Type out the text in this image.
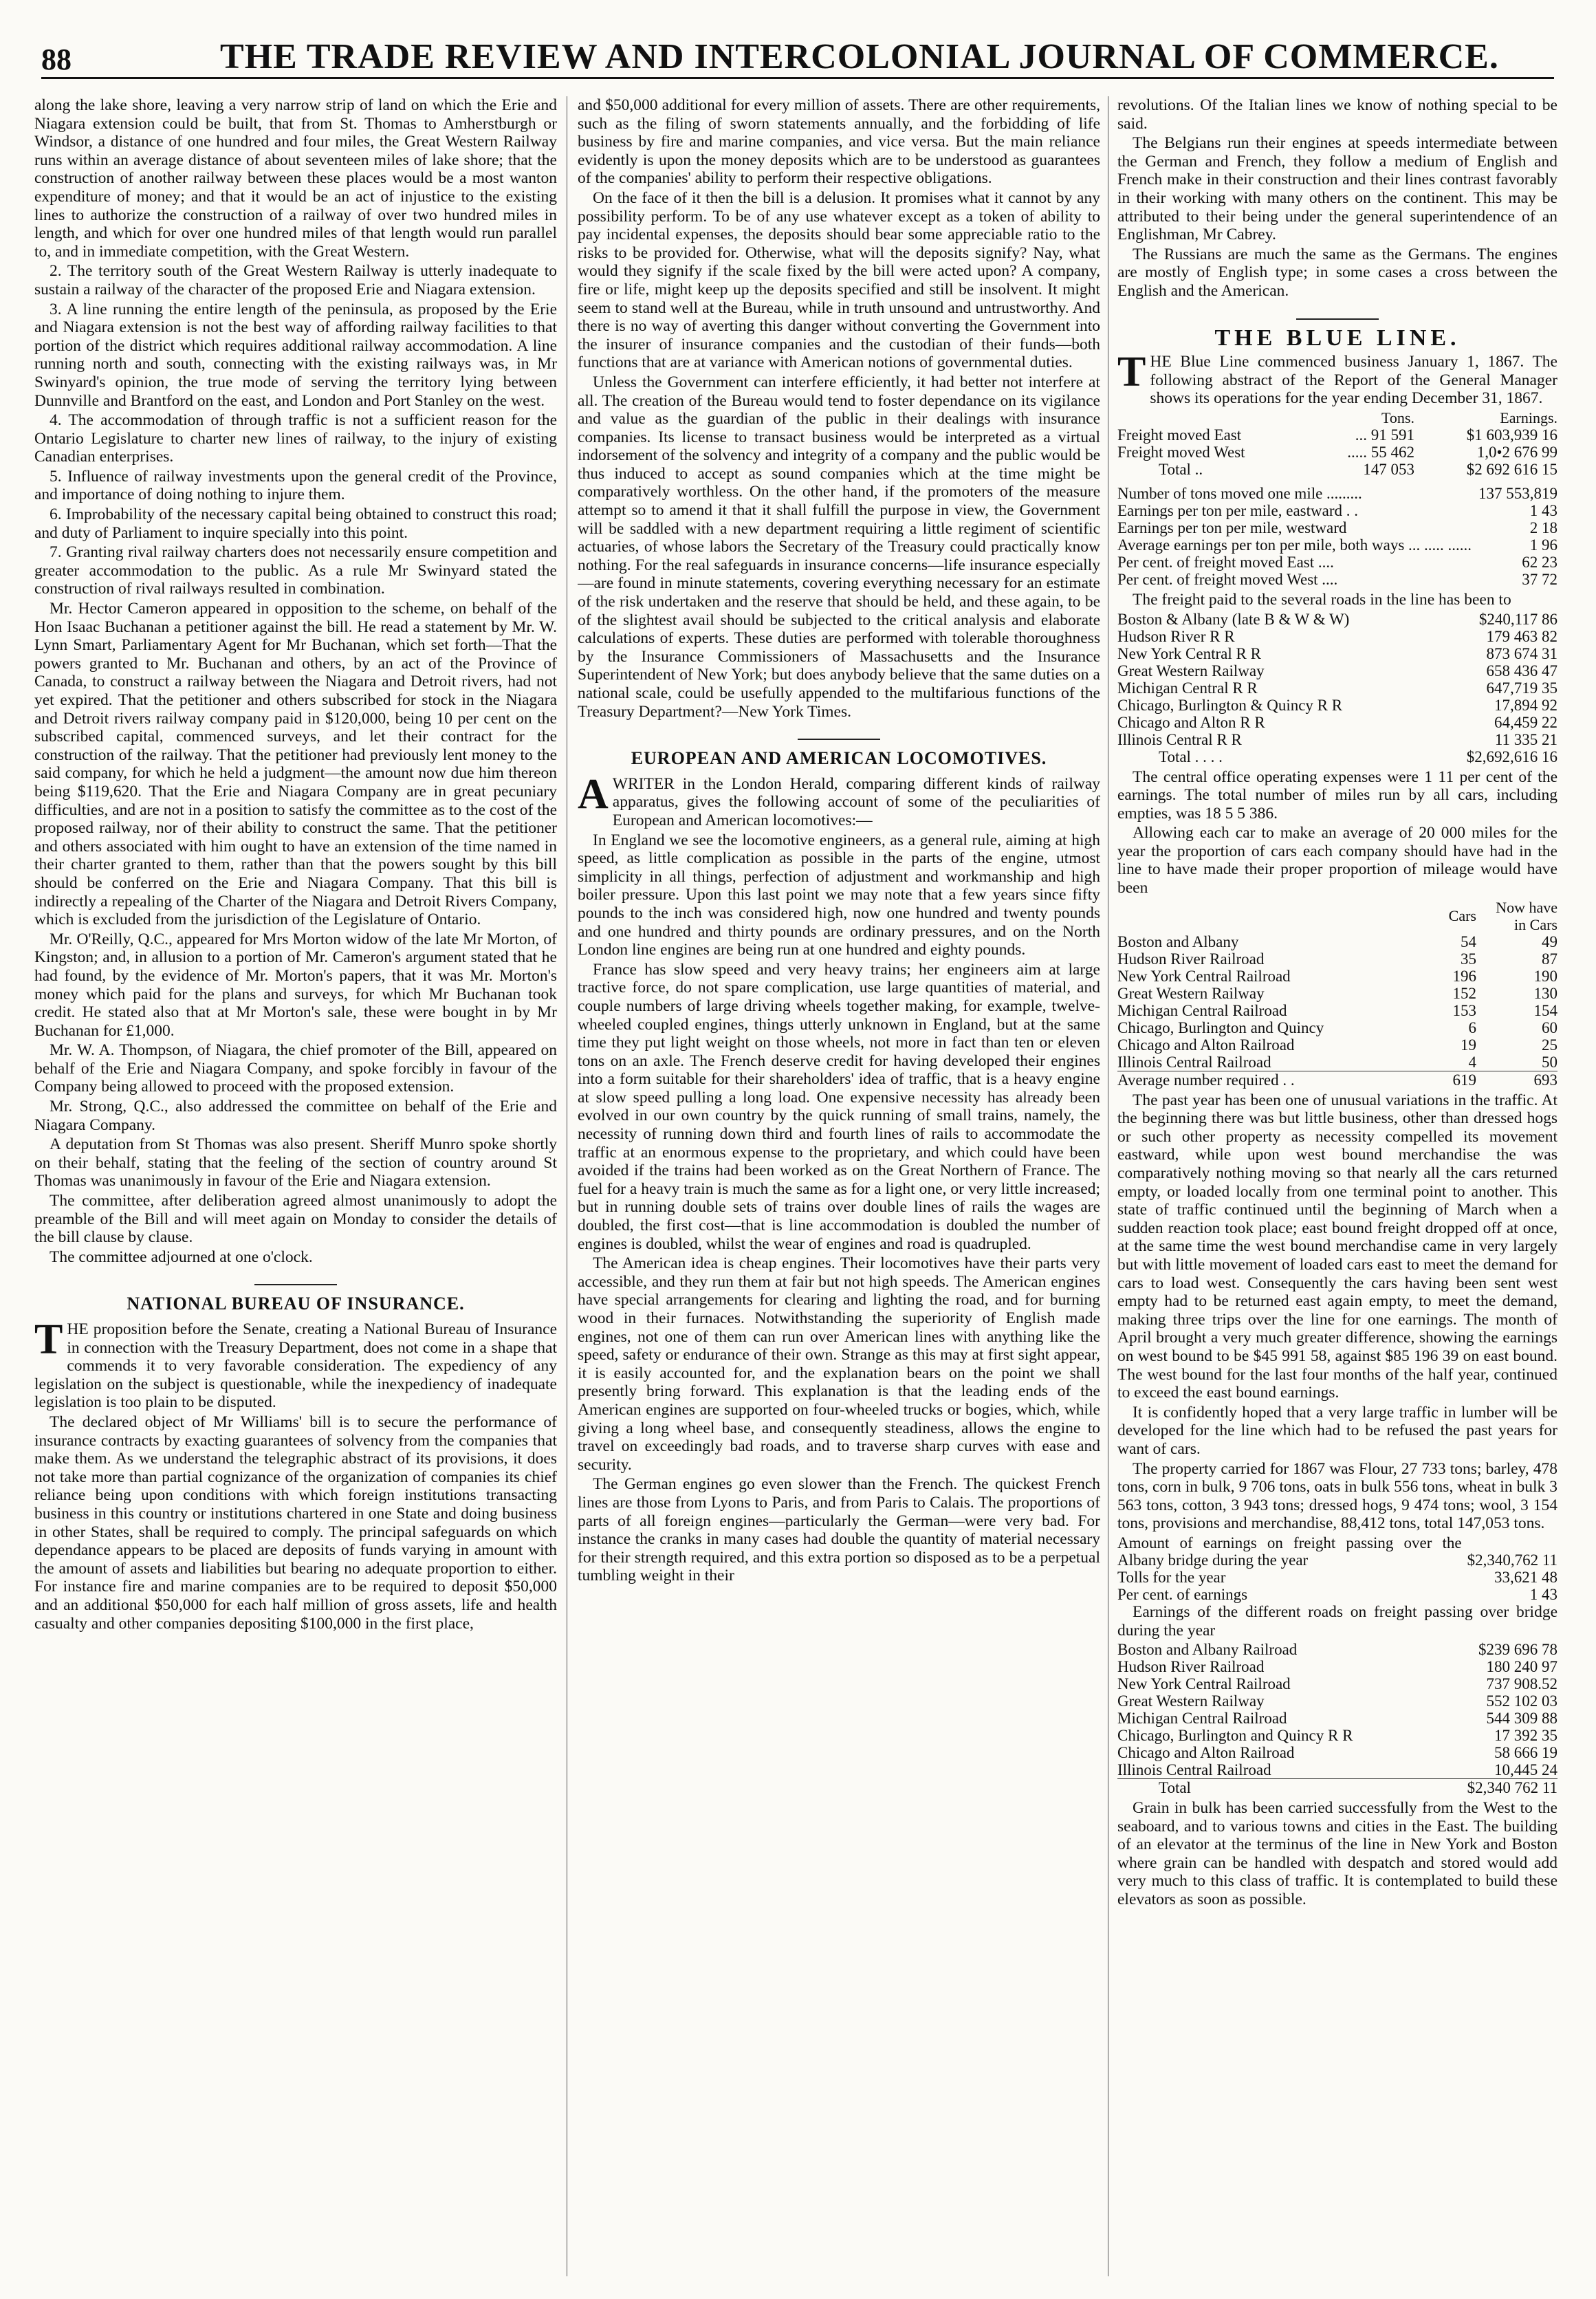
88	THE TRADE REVIEW AND INTERCOLONIAL JOURNAL OF COMMERCE.

along the lake shore, leaving a very narrow strip of land on which the Erie and Niagara extension could be built, that from St. Thomas to Amherstburgh or Windsor, a distance of one hundred and four miles, the Great Western Railway runs within an average distance of about seventeen miles of lake shore; that the construction of another railway between these places would be a most wanton expenditure of money; and that it would be an act of injustice to the existing lines to authorize the construction of a railway of over two hundred miles in length, and which for over one hundred miles of that length would run parallel to, and in immediate competition, with the Great Western.

2. The territory south of the Great Western Railway is utterly inadequate to sustain a railway of the character of the proposed Erie and Niagara extension.

3. A line running the entire length of the peninsula, as proposed by the Erie and Niagara extension is not the best way of affording railway facilities to that portion of the district which requires additional railway accommodation. A line running north and south, connecting with the existing railways was, in Mr Swinyard's opinion, the true mode of serving the territory lying between Dunnville and Brantford on the east, and London and Port Stanley on the west.

4. The accommodation of through traffic is not a sufficient reason for the Ontario Legislature to charter new lines of railway, to the injury of existing Canadian enterprises.

5. Influence of railway investments upon the general credit of the Province, and importance of doing nothing to injure them.

6. Improbability of the necessary capital being obtained to construct this road; and duty of Parliament to inquire specially into this point.

7. Granting rival railway charters does not necessarily ensure competition and greater accommodation to the public. As a rule Mr Swinyard stated the construction of rival railways resulted in combination.

Mr. Hector Cameron appeared in opposition to the scheme, on behalf of the Hon Isaac Buchanan a petitioner against the bill. He read a statement by Mr. W. Lynn Smart, Parliamentary Agent for Mr Buchanan, which set forth—That the powers granted to Mr. Buchanan and others, by an act of the Province of Canada, to construct a railway between the Niagara and Detroit rivers, had not yet expired. That the petitioner and others subscribed for stock in the Niagara and Detroit rivers railway company paid in $120,000, being 10 per cent on the subscribed capital, commenced surveys, and let their contract for the construction of the railway. That the petitioner had previously lent money to the said company, for which he held a judgment—the amount now due him thereon being $119,620. That the Erie and Niagara Company are in great pecuniary difficulties, and are not in a position to satisfy the committee as to the cost of the proposed railway, nor of their ability to construct the same. That the petitioner and others associated with him ought to have an extension of the time named in their charter granted to them, rather than that the powers sought by this bill should be conferred on the Erie and Niagara Company. That this bill is indirectly a repealing of the Charter of the Niagara and Detroit Rivers Company, which is excluded from the jurisdiction of the Legislature of Ontario.

Mr. O'Reilly, Q.C., appeared for Mrs Morton widow of the late Mr Morton, of Kingston; and, in allusion to a portion of Mr. Cameron's argument stated that he had found, by the evidence of Mr. Morton's papers, that it was Mr. Morton's money which paid for the plans and surveys, for which Mr Buchanan took credit. He stated also that at Mr Morton's sale, these were bought in by Mr Buchanan for £1,000.

Mr. W. A. Thompson, of Niagara, the chief promoter of the Bill, appeared on behalf of the Erie and Niagara Company, and spoke forcibly in favour of the Company being allowed to proceed with the proposed extension.

Mr. Strong, Q.C., also addressed the committee on behalf of the Erie and Niagara Company.

A deputation from St Thomas was also present. Sheriff Munro spoke shortly on their behalf, stating that the feeling of the section of country around St Thomas was unanimously in favour of the Erie and Niagara extension.

The committee, after deliberation agreed almost unanimously to adopt the preamble of the Bill and will meet again on Monday to consider the details of the bill clause by clause.

The committee adjourned at one o'clock.

NATIONAL BUREAU OF INSURANCE.

THE proposition before the Senate, creating a National Bureau of Insurance in connection with the Treasury Department, does not come in a shape that commends it to very favorable consideration. The expediency of any legislation on the subject is questionable, while the inexpediency of inadequate legislation is too plain to be disputed.

The declared object of Mr Williams' bill is to secure the performance of insurance contracts by exacting guarantees of solvency from the companies that make them. As we understand the telegraphic abstract of its provisions, it does not take more than partial cognizance of the organization of companies its chief reliance being upon conditions with which foreign institutions transacting business in this country or institutions chartered in one State and doing business in other States, shall be required to comply. The principal safeguards on which dependance appears to be placed are deposits of funds varying in amount with the amount of assets and liabilities but bearing no adequate proportion to either. For instance fire and marine companies are to be required to deposit $50,000 and an additional $50,000 for each half million of gross assets, life and health casualty and other companies depositing $100,000 in the first place,

and $50,000 additional for every million of assets. There are other requirements, such as the filing of sworn statements annually, and the forbidding of life business by fire and marine companies, and vice versa. But the main reliance evidently is upon the money deposits which are to be understood as guarantees of the companies' ability to perform their respective obligations.

On the face of it then the bill is a delusion. It promises what it cannot by any possibility perform. To be of any use whatever except as a token of ability to pay incidental expenses, the deposits should bear some appreciable ratio to the risks to be provided for. Otherwise, what will the deposits signify? Nay, what would they signify if the scale fixed by the bill were acted upon? A company, fire or life, might keep up the deposits specified and still be insolvent. It might seem to stand well at the Bureau, while in truth unsound and untrustworthy. And there is no way of averting this danger without converting the Government into the insurer of insurance companies and the custodian of their funds—both functions that are at variance with American notions of governmental duties.

Unless the Government can interfere efficiently, it had better not interfere at all. The creation of the Bureau would tend to foster dependance on its vigilance and value as the guardian of the public in their dealings with insurance companies. Its license to transact business would be interpreted as a virtual indorsement of the solvency and integrity of a company and the public would be thus induced to accept as sound companies which at the time might be comparatively worthless. On the other hand, if the promoters of the measure attempt so to amend it that it shall fulfill the purpose in view, the Government will be saddled with a new department requiring a little regiment of scientific actuaries, of whose labors the Secretary of the Treasury could practically know nothing. For the real safeguards in insurance concerns—life insurance especially—are found in minute statements, covering everything necessary for an estimate of the risk undertaken and the reserve that should be held, and these again, to be of the slightest avail should be subjected to the critical analysis and elaborate calculations of experts. These duties are performed with tolerable thoroughness by the Insurance Commissioners of Massachusetts and the Insurance Superintendent of New York; but does anybody believe that the same duties on a national scale, could be usefully appended to the multifarious functions of the Treasury Department?—New York Times.

EUROPEAN AND AMERICAN LOCOMOTIVES.

AWRITER in the London Herald, comparing different kinds of railway apparatus, gives the following account of some of the peculiarities of European and American locomotives:—

In England we see the locomotive engineers, as a general rule, aiming at high speed, as little complication as possible in the parts of the engine, utmost simplicity in all things, perfection of adjustment and workmanship and high boiler pressure. Upon this last point we may note that a few years since fifty pounds to the inch was considered high, now one hundred and twenty pounds and one hundred and thirty pounds are ordinary pressures, and on the North London line engines are being run at one hundred and eighty pounds.

France has slow speed and very heavy trains; her engineers aim at large tractive force, do not spare complication, use large quantities of material, and couple numbers of large driving wheels together making, for example, twelve-wheeled coupled engines, things utterly unknown in England, but at the same time they put light weight on those wheels, not more in fact than ten or eleven tons on an axle. The French deserve credit for having developed their engines into a form suitable for their shareholders' idea of traffic, that is a heavy engine at slow speed pulling a long load. One expensive necessity has already been evolved in our own country by the quick running of small trains, namely, the necessity of running down third and fourth lines of rails to accommodate the traffic at an enormous expense to the proprietary, and which could have been avoided if the trains had been worked as on the Great Northern of France. The fuel for a heavy train is much the same as for a light one, or very little increased; but in running double sets of trains over double lines of rails the wages are doubled, the first cost—that is line accommodation is doubled the number of engines is doubled, whilst the wear of engines and road is quadrupled.

The American idea is cheap engines. Their locomotives have their parts very accessible, and they run them at fair but not high speeds. The American engines have special arrangements for clearing and lighting the road, and for burning wood in their furnaces. Notwithstanding the superiority of English made engines, not one of them can run over American lines with anything like the speed, safety or endurance of their own. Strange as this may at first sight appear, it is easily accounted for, and the explanation bears on the point we shall presently bring forward. This explanation is that the leading ends of the American engines are supported on four-wheeled trucks or bogies, which, while giving a long wheel base, and consequently steadiness, allows the engine to travel on exceedingly bad roads, and to traverse sharp curves with ease and security.

The German engines go even slower than the French. The quickest French lines are those from Lyons to Paris, and from Paris to Calais. The proportions of parts of all foreign engines—particularly the German—were very bad. For instance the cranks in many cases had double the quantity of material necessary for their strength required, and this extra portion so disposed as to be a perpetual tumbling weight in their

revolutions. Of the Italian lines we know of nothing special to be said.

The Belgians run their engines at speeds intermediate between the German and French, they follow a medium of English and French make in their construction and their lines contrast favorably in their working with many others on the continent. This may be attributed to their being under the general superintendence of an Englishman, Mr Cabrey.

The Russians are much the same as the Germans. The engines are mostly of English type; in some cases a cross between the English and the American.

THE BLUE LINE.

THE Blue Line commenced business January 1, 1867. The following abstract of the Report of the General Manager shows its operations for the year ending December 31, 1867.

	Tons.	Earnings.
Freight moved East	... 91 591	$1 603,939 16
Freight moved West	..... 55 462	1,0•2 676 99
Total ..	147 053	$2 692 616 15
Number of tons moved one mile .........	137 553,819
Earnings per ton per mile, eastward . .	1 43
Earnings per ton per mile, westward	2 18
Average earnings per ton per mile, both ways ... ..... ......	1 96
Per cent. of freight moved East ....	62 23
Per cent. of freight moved West ....	37 72

The freight paid to the several roads in the line has been to

Boston & Albany (late B & W & W)	$240,117 86
Hudson River R R	179 463 82
New York Central R R	873 674 31
Great Western Railway	658 436 47
Michigan Central R R	647,719 35
Chicago, Burlington & Quincy R R	17,894 92
Chicago and Alton R R	64,459 22
Illinois Central R R	11 335 21
Total . . . .	$2,692,616 16

The central office operating expenses were 1 11 per cent of the earnings. The total number of miles run by all cars, including empties, was 18 5 5 386.

Allowing each car to make an average of 20 000 miles for the year the proportion of cars each company should have had in the line to have made their proper proportion of mileage would have been

	Cars	Now have in Cars
Boston and Albany	54	49
Hudson River Railroad	35	87
New York Central Railroad	196	190
Great Western Railway	152	130
Michigan Central Railroad	153	154
Chicago, Burlington and Quincy	6	60
Chicago and Alton Railroad	19	25
Illinois Central Railroad	4	50
Average number required . .	619	693

The past year has been one of unusual variations in the traffic. At the beginning there was but little business, other than dressed hogs or such other property as necessity compelled its movement eastward, while upon west bound merchandise the was comparatively nothing moving so that nearly all the cars returned empty, or loaded locally from one terminal point to another. This state of traffic continued until the beginning of March when a sudden reaction took place; east bound freight dropped off at once, at the same time the west bound merchandise came in very largely but with little movement of loaded cars east to meet the demand for cars to load west. Consequently the cars having been sent west empty had to be returned east again empty, to meet the demand, making three trips over the line for one earnings. The month of April brought a very much greater difference, showing the earnings on west bound to be $45 991 58, against $85 196 39 on east bound. The west bound for the last four months of the half year, continued to exceed the east bound earnings.

It is confidently hoped that a very large traffic in lumber will be developed for the line which had to be refused the past years for want of cars.

The property carried for 1867 was Flour, 27 733 tons; barley, 478 tons, corn in bulk, 9 706 tons, oats in bulk 556 tons, wheat in bulk 3 563 tons, cotton, 3 943 tons; dressed hogs, 9 474 tons; wool, 3 154 tons, provisions and merchandise, 88,412 tons, total 147,053 tons.

Amount of earnings on freight passing over the Albany bridge during the year	$2,340,762 11
Tolls for the year	33,621 48
Per cent. of earnings	1 43

Earnings of the different roads on freight passing over bridge during the year

Boston and Albany Railroad	$239 696 78
Hudson River Railroad	180 240 97
New York Central Railroad	737 908.52
Great Western Railway	552 102 03
Michigan Central Railroad	544 309 88
Chicago, Burlington and Quincy R R	17 392 35
Chicago and Alton Railroad	58 666 19
Illinois Central Railroad	10,445 24
Total	$2,340 762 11

Grain in bulk has been carried successfully from the West to the seaboard, and to various towns and cities in the East. The building of an elevator at the terminus of the line in New York and Boston where grain can be handled with despatch and stored would add very much to this class of traffic. It is contemplated to build these elevators as soon as possible.
